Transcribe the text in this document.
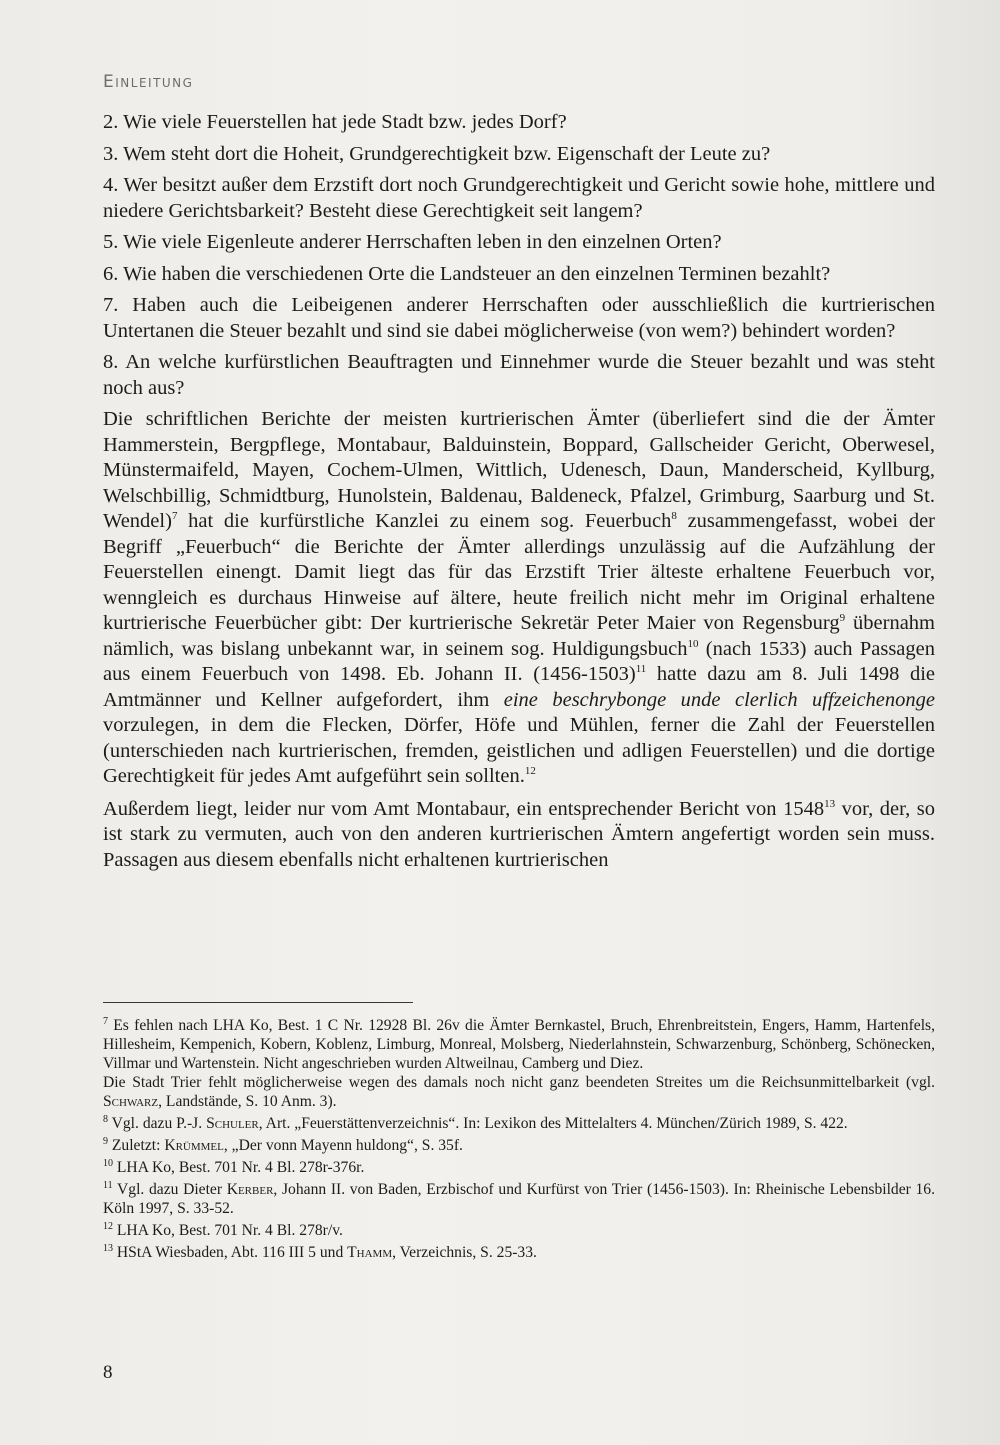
Einleitung

2. Wie viele Feuerstellen hat jede Stadt bzw. jedes Dorf?

3. Wem steht dort die Hoheit, Grundgerechtigkeit bzw. Eigenschaft der Leute zu?

4. Wer besitzt außer dem Erzstift dort noch Grundgerechtigkeit und Gericht sowie hohe, mittlere und niedere Gerichtsbarkeit? Besteht diese Gerechtigkeit seit langem?

5. Wie viele Eigenleute anderer Herrschaften leben in den einzelnen Orten?

6. Wie haben die verschiedenen Orte die Landsteuer an den einzelnen Terminen bezahlt?

7. Haben auch die Leibeigenen anderer Herrschaften oder ausschließlich die kurtrierischen Untertanen die Steuer bezahlt und sind sie dabei möglicherweise (von wem?) behindert worden?

8. An welche kurfürstlichen Beauftragten und Einnehmer wurde die Steuer bezahlt und was steht noch aus?

Die schriftlichen Berichte der meisten kurtrierischen Ämter (überliefert sind die der Ämter Hammerstein, Bergpflege, Montabaur, Balduinstein, Boppard, Gallscheider Gericht, Oberwesel, Münstermaifeld, Mayen, Cochem-Ulmen, Wittlich, Udenesch, Daun, Manderscheid, Kyllburg, Welschbillig, Schmidtburg, Hunolstein, Baldenau, Baldeneck, Pfalzel, Grimburg, Saarburg und St. Wendel)$^7$ hat die kurfürstliche Kanzlei zu einem sog. Feuerbuch$^8$ zusammengefasst, wobei der Begriff „Feuerbuch“ die Berichte der Ämter allerdings unzulässig auf die Aufzählung der Feuerstellen einengt. Damit liegt das für das Erzstift Trier älteste erhaltene Feuerbuch vor, wenngleich es durchaus Hinweise auf ältere, heute freilich nicht mehr im Original erhaltene kurtrierische Feuerbücher gibt: Der kurtrierische Sekretär Peter Maier von Regensburg$^9$ übernahm nämlich, was bislang unbekannt war, in seinem sog. Huldigungsbuch$^{10}$ (nach 1533) auch Passagen aus einem Feuerbuch von 1498. Eb. Johann II. (1456-1503)$^{11}$ hatte dazu am 8. Juli 1498 die Amtmänner und Kellner aufgefordert, ihm eine beschrybonge unde clerlich uffzeichenonge vorzulegen, in dem die Flecken, Dörfer, Höfe und Mühlen, ferner die Zahl der Feuerstellen (unterschieden nach kurtrierischen, fremden, geistlichen und adligen Feuerstellen) und die dortige Gerechtigkeit für jedes Amt aufgeführt sein sollten.$^{12}$

Außerdem liegt, leider nur vom Amt Montabaur, ein entsprechender Bericht von 1548$^{13}$ vor, der, so ist stark zu vermuten, auch von den anderen kurtrierischen Ämtern angefertigt worden sein muss. Passagen aus diesem ebenfalls nicht erhaltenen kurtrierischen

$^7$ Es fehlen nach LHA Ko, Best. 1 C Nr. 12928 Bl. 26v die Ämter Bernkastel, Bruch, Ehrenbreitstein, Engers, Hamm, Hartenfels, Hillesheim, Kempenich, Kobern, Koblenz, Limburg, Monreal, Molsberg, Niederlahnstein, Schwarzenburg, Schönberg, Schönecken, Villmar und Wartenstein. Nicht angeschrieben wurden Altweilnau, Camberg und Diez.
Die Stadt Trier fehlt möglicherweise wegen des damals noch nicht ganz beendeten Streites um die Reichsunmittelbarkeit (vgl. Schwarz, Landstände, S. 10 Anm. 3).

$^8$ Vgl. dazu P.-J. Schuler, Art. „Feuerstättenverzeichnis“. In: Lexikon des Mittelalters 4. München/Zürich 1989, S. 422.

$^9$ Zuletzt: Krümmel, „Der vonn Mayenn huldong“, S. 35f.

$^{10}$ LHA Ko, Best. 701 Nr. 4 Bl. 278r-376r.

$^{11}$ Vgl. dazu Dieter Kerber, Johann II. von Baden, Erzbischof und Kurfürst von Trier (1456-1503). In: Rheinische Lebensbilder 16. Köln 1997, S. 33-52.

$^{12}$ LHA Ko, Best. 701 Nr. 4 Bl. 278r/v.

$^{13}$ HStA Wiesbaden, Abt. 116 III 5 und Thamm, Verzeichnis, S. 25-33.

8
